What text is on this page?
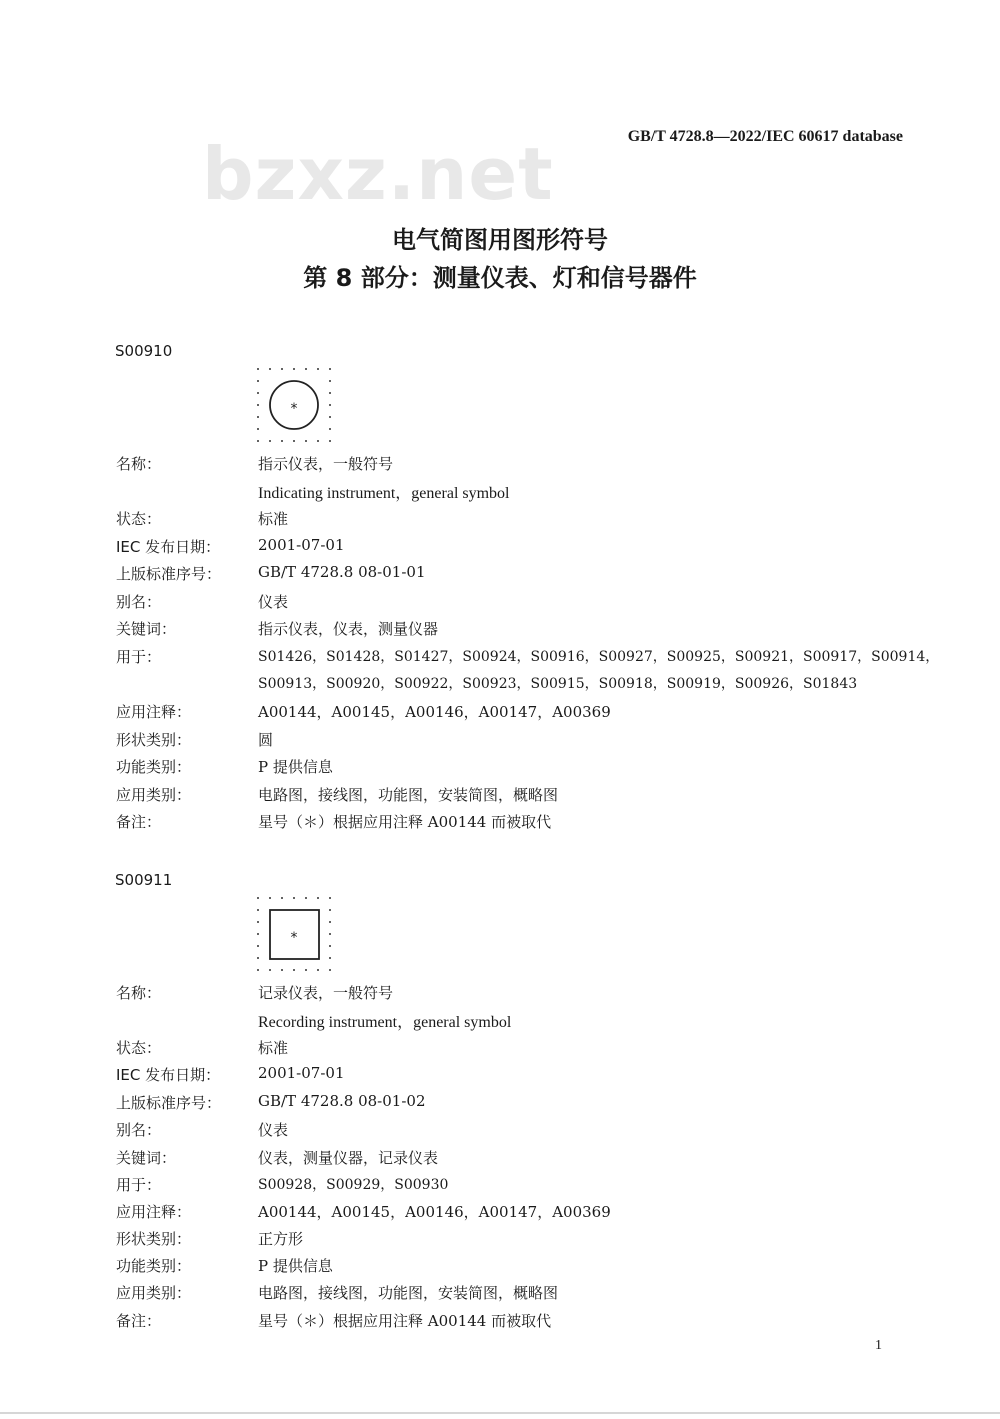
bzxz.net	GB/T 4728.8—2022/IEC 60617 database
电气简图用图形符号
第 8 部分：测量仪表、灯和信号器件
S00910
*
名称：	指示仪表，一般符号
Indicating instrument，general symbol
状态：	标准
IEC 发布日期：	2001-07-01
上版标准序号： GB/T 4728.8 08-01-01
别名：	仪表
关键词：	指示仪表，仪表，测量仪器
用于：	S01426，S01428，S01427，S00924，S00916，S00927，S00925，S00921，S00917，S00914，
S00913，S00920，S00922，S00923，S00915，S00918，S00919，S00926，S01843
应用注释：	A00144，A00145，A00146，A00147，A00369
形状类别：	圆
功能类别：	P 提供信息
应用类别：	电路图，接线图，功能图，安装简图，概略图
备注：	星号（＊）根据应用注释 A00144 而被取代
S00911
*
名称：	记录仪表，一般符号
Recording instrument，general symbol
状态：	标准
IEC 发布日期：	2001-07-01
上版标准序号： GB/T 4728.8 08-01-02
别名：	仪表
关键词：	仪表，测量仪器，记录仪表
用于：	S00928，S00929，S00930
应用注释：	A00144，A00145，A00146，A00147，A00369
形状类别：	正方形
功能类别：	P 提供信息
应用类别：	电路图，接线图，功能图，安装简图，概略图
备注：	星号（＊）根据应用注释 A00144 而被取代
1
